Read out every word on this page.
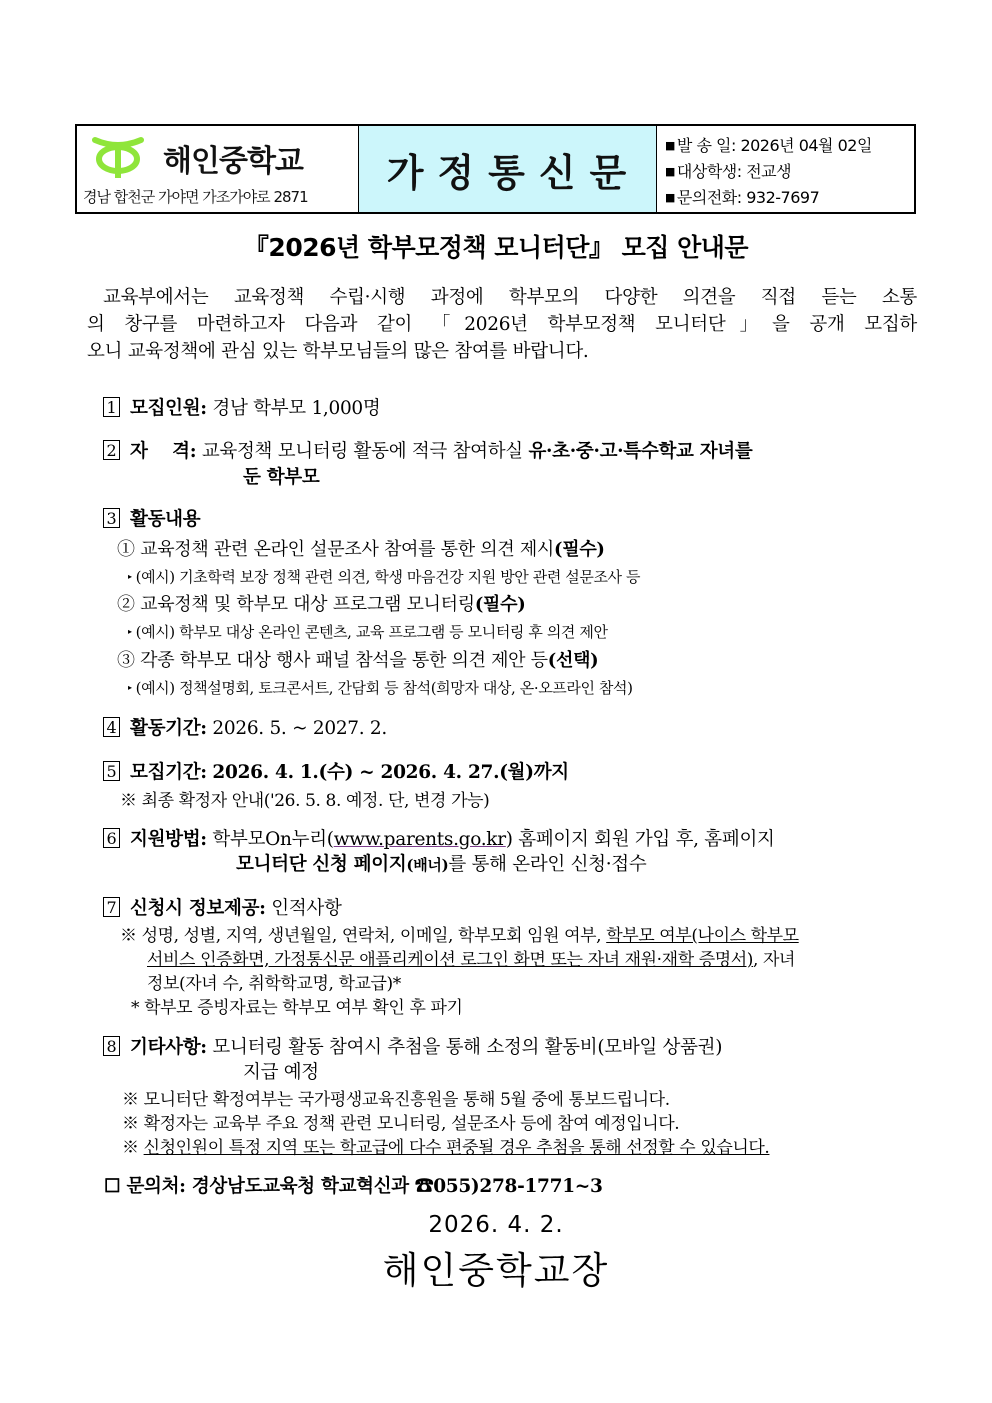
해인중학교
경남 합천군 가야면 가조가야로 2871
가정통신문
■ 발 송 일: 2026년 04월 02일
■ 대상학생: 전교생
■ 문의전화: 932-7697
『2026년 학부모정책 모니터단』 모집 안내문
교육부에서는 교육정책 수립·시행 과정에 학부모의 다양한 의견을 직접 듣는 소통
의 창구를 마련하고자 다음과 같이 「2026년 학부모정책 모니터단」을 공개 모집하
오니 교육정책에 관심 있는 학부모님들의 많은 참여를 바랍니다.
1 모집인원: 경남 학부모 1,000명
2 자    격: 교육정책 모니터링 활동에 적극 참여하실 유·초·중·고·특수학교 자녀를
둔 학부모
3 활동내용
① 교육정책 관련 온라인 설문조사 참여를 통한 의견 제시(필수)
▸ (예시) 기초학력 보장 정책 관련 의견, 학생 마음건강 지원 방안 관련 설문조사 등
② 교육정책 및 학부모 대상 프로그램 모니터링(필수)
▸ (예시) 학부모 대상 온라인 콘텐츠, 교육 프로그램 등 모니터링 후 의견 제안
③ 각종 학부모 대상 행사 패널 참석을 통한 의견 제안 등(선택)
▸ (예시) 정책설명회, 토크콘서트, 간담회 등 참석(희망자 대상, 온·오프라인 참석)
4 활동기간: 2026. 5. ~ 2027. 2.
5 모집기간: 2026. 4. 1.(수) ~ 2026. 4. 27.(월)까지
※ 최종 확정자 안내('26. 5. 8. 예정. 단, 변경 가능)
6 지원방법: 학부모On누리(www.parents.go.kr) 홈페이지 회원 가입 후, 홈페이지
모니터단 신청 페이지(배너)를 통해 온라인 신청·접수
7 신청시 정보제공: 인적사항
※ 성명, 성별, 지역, 생년월일, 연락처, 이메일, 학부모회 임원 여부, 학부모 여부(나이스 학부모
서비스 인증화면, 가정통신문 애플리케이션 로그인 화면 또는 자녀 재원·재학 증명서), 자녀
정보(자녀 수, 취학학교명, 학교급)*
* 학부모 증빙자료는 학부모 여부 확인 후 파기
8 기타사항: 모니터링 활동 참여시 추첨을 통해 소정의 활동비(모바일 상품권)
지급 예정
※ 모니터단 확정여부는 국가평생교육진흥원을 통해 5월 중에 통보드립니다.
※ 확정자는 교육부 주요 정책 관련 모니터링, 설문조사 등에 참여 예정입니다.
※ 신청인원이 특정 지역 또는 학교급에 다수 편중될 경우 추첨을 통해 선정할 수 있습니다.
☐ 문의처: 경상남도교육청 학교혁신과 ☎055)278-1771~3
2026. 4. 2.
해인중학교장
